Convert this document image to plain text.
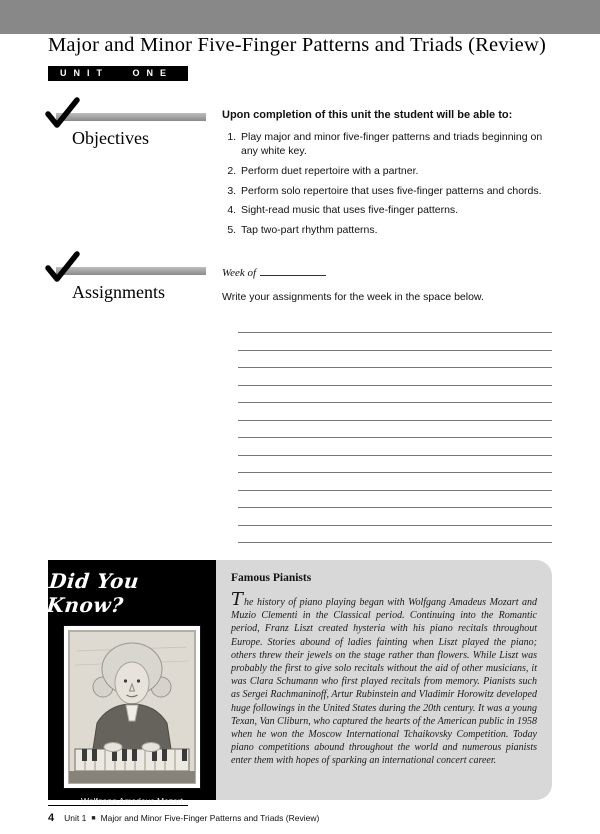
Major and Minor Five-Finger Patterns and Triads (Review)
UNIT ONE
Objectives

Upon completion of this unit the student will be able to:

1. Play major and minor five-finger patterns and triads beginning on any white key.
2. Perform duet repertoire with a partner.
3. Perform solo repertoire that uses five-finger patterns and chords.
4. Sight-read music that uses five-finger patterns.
5. Tap two-part rhythm patterns.
Assignments
Week of

Write your assignments for the week in the space below.

Did You Know?
Wolfgang Amadeus Mozart
Famous Pianists

The history of piano playing began with Wolfgang Amadeus Mozart and Muzio Clementi in the Classical period. Continuing into the Romantic period, Franz Liszt created hysteria with his piano recitals throughout Europe. Stories abound of ladies fainting when Liszt played the piano; others threw their jewels on the stage rather than flowers. While Liszt was probably the first to give solo recitals without the aid of other musicians, it was Clara Schumann who first played recitals from memory. Pianists such as Sergei Rachmaninoff, Artur Rubinstein and Vladimir Horowitz developed huge followings in the United States during the 20th century. It was a young Texan, Van Cliburn, who captured the hearts of the American public in 1958 when he won the Moscow International Tchaikovsky Competition. Today piano competitions abound throughout the world and numerous pianists enter them with hopes of sparking an international concert career.

4 Unit 1 ■ Major and Minor Five-Finger Patterns and Triads (Review)
